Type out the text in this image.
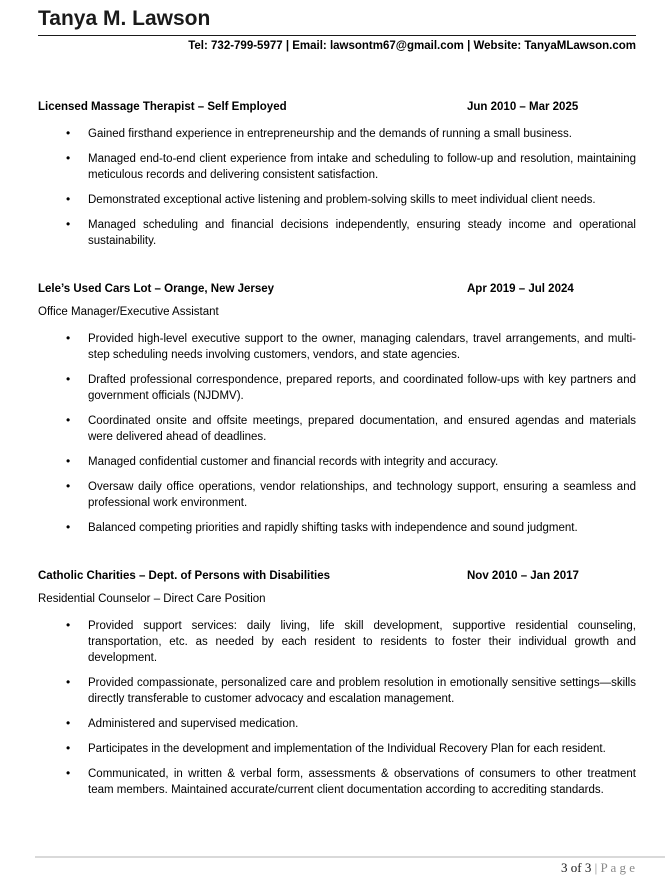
Tanya M. Lawson
Tel: 732-799-5977 | Email: lawsontm67@gmail.com | Website: TanyaMLawson.com
Licensed Massage Therapist – Self Employed	Jun 2010 – Mar 2025
• Gained firsthand experience in entrepreneurship and the demands of running a small business.
• Managed end-to-end client experience from intake and scheduling to follow-up and resolution, maintaining meticulous records and delivering consistent satisfaction.
• Demonstrated exceptional active listening and problem-solving skills to meet individual client needs.
• Managed scheduling and financial decisions independently, ensuring steady income and operational sustainability.
Lele’s Used Cars Lot – Orange, New Jersey	Apr 2019 – Jul 2024
Office Manager/Executive Assistant
• Provided high-level executive support to the owner, managing calendars, travel arrangements, and multi-step scheduling needs involving customers, vendors, and state agencies.
• Drafted professional correspondence, prepared reports, and coordinated follow-ups with key partners and government officials (NJDMV).
• Coordinated onsite and offsite meetings, prepared documentation, and ensured agendas and materials were delivered ahead of deadlines.
• Managed confidential customer and financial records with integrity and accuracy.
• Oversaw daily office operations, vendor relationships, and technology support, ensuring a seamless and professional work environment.
• Balanced competing priorities and rapidly shifting tasks with independence and sound judgment.
Catholic Charities – Dept. of Persons with Disabilities	Nov 2010 – Jan 2017
Residential Counselor – Direct Care Position
• Provided support services: daily living, life skill development, supportive residential counseling, transportation, etc. as needed by each resident to residents to foster their individual growth and development.
• Provided compassionate, personalized care and problem resolution in emotionally sensitive settings—skills directly transferable to customer advocacy and escalation management.
• Administered and supervised medication.
• Participates in the development and implementation of the Individual Recovery Plan for each resident.
• Communicated, in written & verbal form, assessments & observations of consumers to other treatment team members. Maintained accurate/current client documentation according to accrediting standards.
3 of 3 | P a g e
